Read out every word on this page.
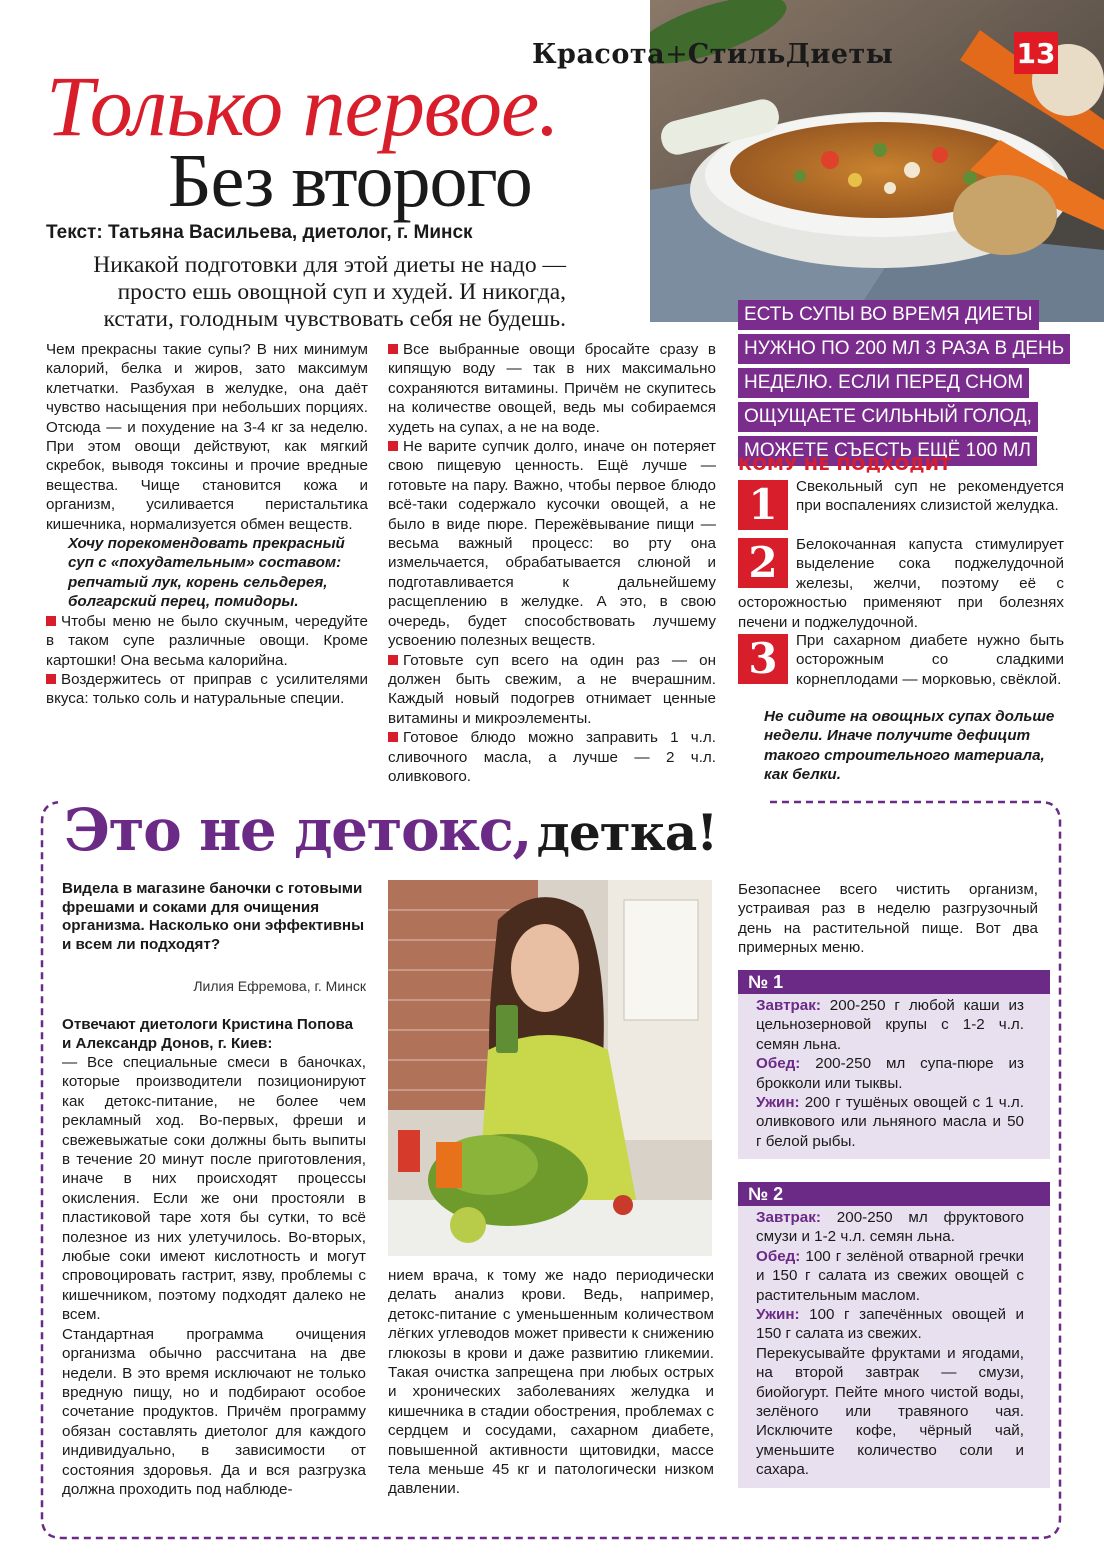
Красота + Стиль Диеты	13
Только первое.
Без второго
Текст: Татьяна Васильева, диетолог, г. Минск
Никакой подготовки для этой диеты не надо — просто ешь овощной суп и худей. И никогда, кстати, голодным чувствовать себя не будешь.	ЕСТЬ СУПЫ ВО ВРЕМЯ ДИЕТЫ
НУЖНО ПО 200 МЛ 3 РАЗА В ДЕНЬ
НЕДЕЛЮ. ЕСЛИ ПЕРЕД СНОМ
ОЩУЩАЕТЕ СИЛЬНЫЙ ГОЛОД,
МОЖЕТЕ СЪЕСТЬ ЕЩЁ 100 МЛ

Чем прекрасны такие супы? В них минимум калорий, белка и жиров, зато максимум клетчатки. Разбухая в желудке, она даёт чувство насыщения при небольших порциях. Отсюда — и похудение на 3-4 кг за неделю. При этом овощи действуют, как мягкий скребок, выводя токсины и прочие вредные вещества. Чище становится кожа и организм, усиливается перистальтика кишечника, нормализуется обмен веществ.

Хочу порекомендовать прекрасный суп с «похудательным» составом: репчатый лук, корень сельдерея, болгарский перец, помидоры.

Чтобы меню не было скучным, чередуйте в таком супе различные овощи. Кроме картошки! Она весьма калорийна.

Воздержитесь от приправ с усилителями вкуса: только соль и натуральные специи.

Все выбранные овощи бросайте сразу в кипящую воду — так в них максимально сохраняются витамины. Причём не скупитесь на количестве овощей, ведь мы собираемся худеть на супах, а не на воде.

Не варите супчик долго, иначе он потеряет свою пищевую ценность. Ещё лучше — готовьте на пару. Важно, чтобы первое блюдо всё-таки содержало кусочки овощей, а не было в виде пюре. Пережёвывание пищи — весьма важный процесс: во рту она измельчается, обрабатывается слюной и подготавливается к дальнейшему расщеплению в желудке. А это, в свою очередь, будет способствовать лучшему усвоению полезных веществ.

Готовьте суп всего на один раз — он должен быть свежим, а не вчерашним. Каждый новый подогрев отнимает ценные витамины и микроэлементы.

Готовое блюдо можно заправить 1 ч.л. сливочного масла, а лучше — 2 ч.л. оливкового.

КОМУ НЕ ПОДХОДИТ
1	Свекольный суп не рекомендуется при воспалениях слизистой желудка.
2	Белокочанная капуста стимулирует выделение сока поджелудочной железы, желчи, поэтому её с осторожностью применяют при болезнях печени и поджелудочной.
3	При сахарном диабете нужно быть осторожным со сладкими корнеплодами — морковью, свёклой.
Не сидите на овощных супах дольше недели. Иначе получите дефицит такого строительного материала, как белки.
Это не детокс, детка!
Видела в магазине баночки с готовыми фрешами и соками для очищения организма. Насколько они эффективны и всем ли подходят?
Лилия Ефремова, г. Минск
Отвечают диетологи Кристина Попова и Александр Донов, г. Киев:

— Все специальные смеси в баночках, которые производители позиционируют как детокс-питание, не более чем рекламный ход. Во-первых, фреши и свежевыжатые соки должны быть выпиты в течение 20 минут после приготовления, иначе в них происходят процессы окисления. Если же они простояли в пластиковой таре хотя бы сутки, то всё полезное из них улетучилось. Во-вторых, любые соки имеют кислотность и могут спровоцировать гастрит, язву, проблемы с кишечником, поэтому подходят далеко не всем.

Стандартная программа очищения организма обычно рассчитана на две недели. В это время исключают не только вредную пищу, но и подбирают особое сочетание продуктов. Причём программу обязан составлять диетолог для каждого индивидуально, в зависимости от состояния здоровья. Да и вся разгрузка должна проходить под наблюде-

нием врача, к тому же надо периодически делать анализ крови. Ведь, например, детокс-питание с уменьшенным количеством лёгких углеводов может привести к снижению глюкозы в крови и даже развитию гликемии. Такая очистка запрещена при любых острых и хронических заболеваниях желудка и кишечника в стадии обострения, проблемах с сердцем и сосудами, сахарном диабете, повышенной активности щитовидки, массе тела меньше 45 кг и патологически низком давлении.

Безопаснее всего чистить организм, устраивая раз в неделю разгрузочный день на растительной пище. Вот два примерных меню.

№ 1
Завтрак: 200-250 г любой каши из цельнозерновой крупы с 1-2 ч.л. семян льна.
Обед: 200-250 мл супа-пюре из брокколи или тыквы.
Ужин: 200 г тушёных овощей с 1 ч.л. оливкового или льняного масла и 50 г белой рыбы.
№ 2
Завтрак: 200-250 мл фруктового смузи и 1-2 ч.л. семян льна.
Обед: 100 г зелёной отварной гречки и 150 г салата из свежих овощей с растительным маслом.
Ужин: 100 г запечённых овощей и 150 г салата из свежих.
Перекусывайте фруктами и ягодами, на второй завтрак — смузи, биойогурт. Пейте много чистой воды, зелёного или травяного чая. Исключите кофе, чёрный чай, уменьшите количество соли и сахара.
